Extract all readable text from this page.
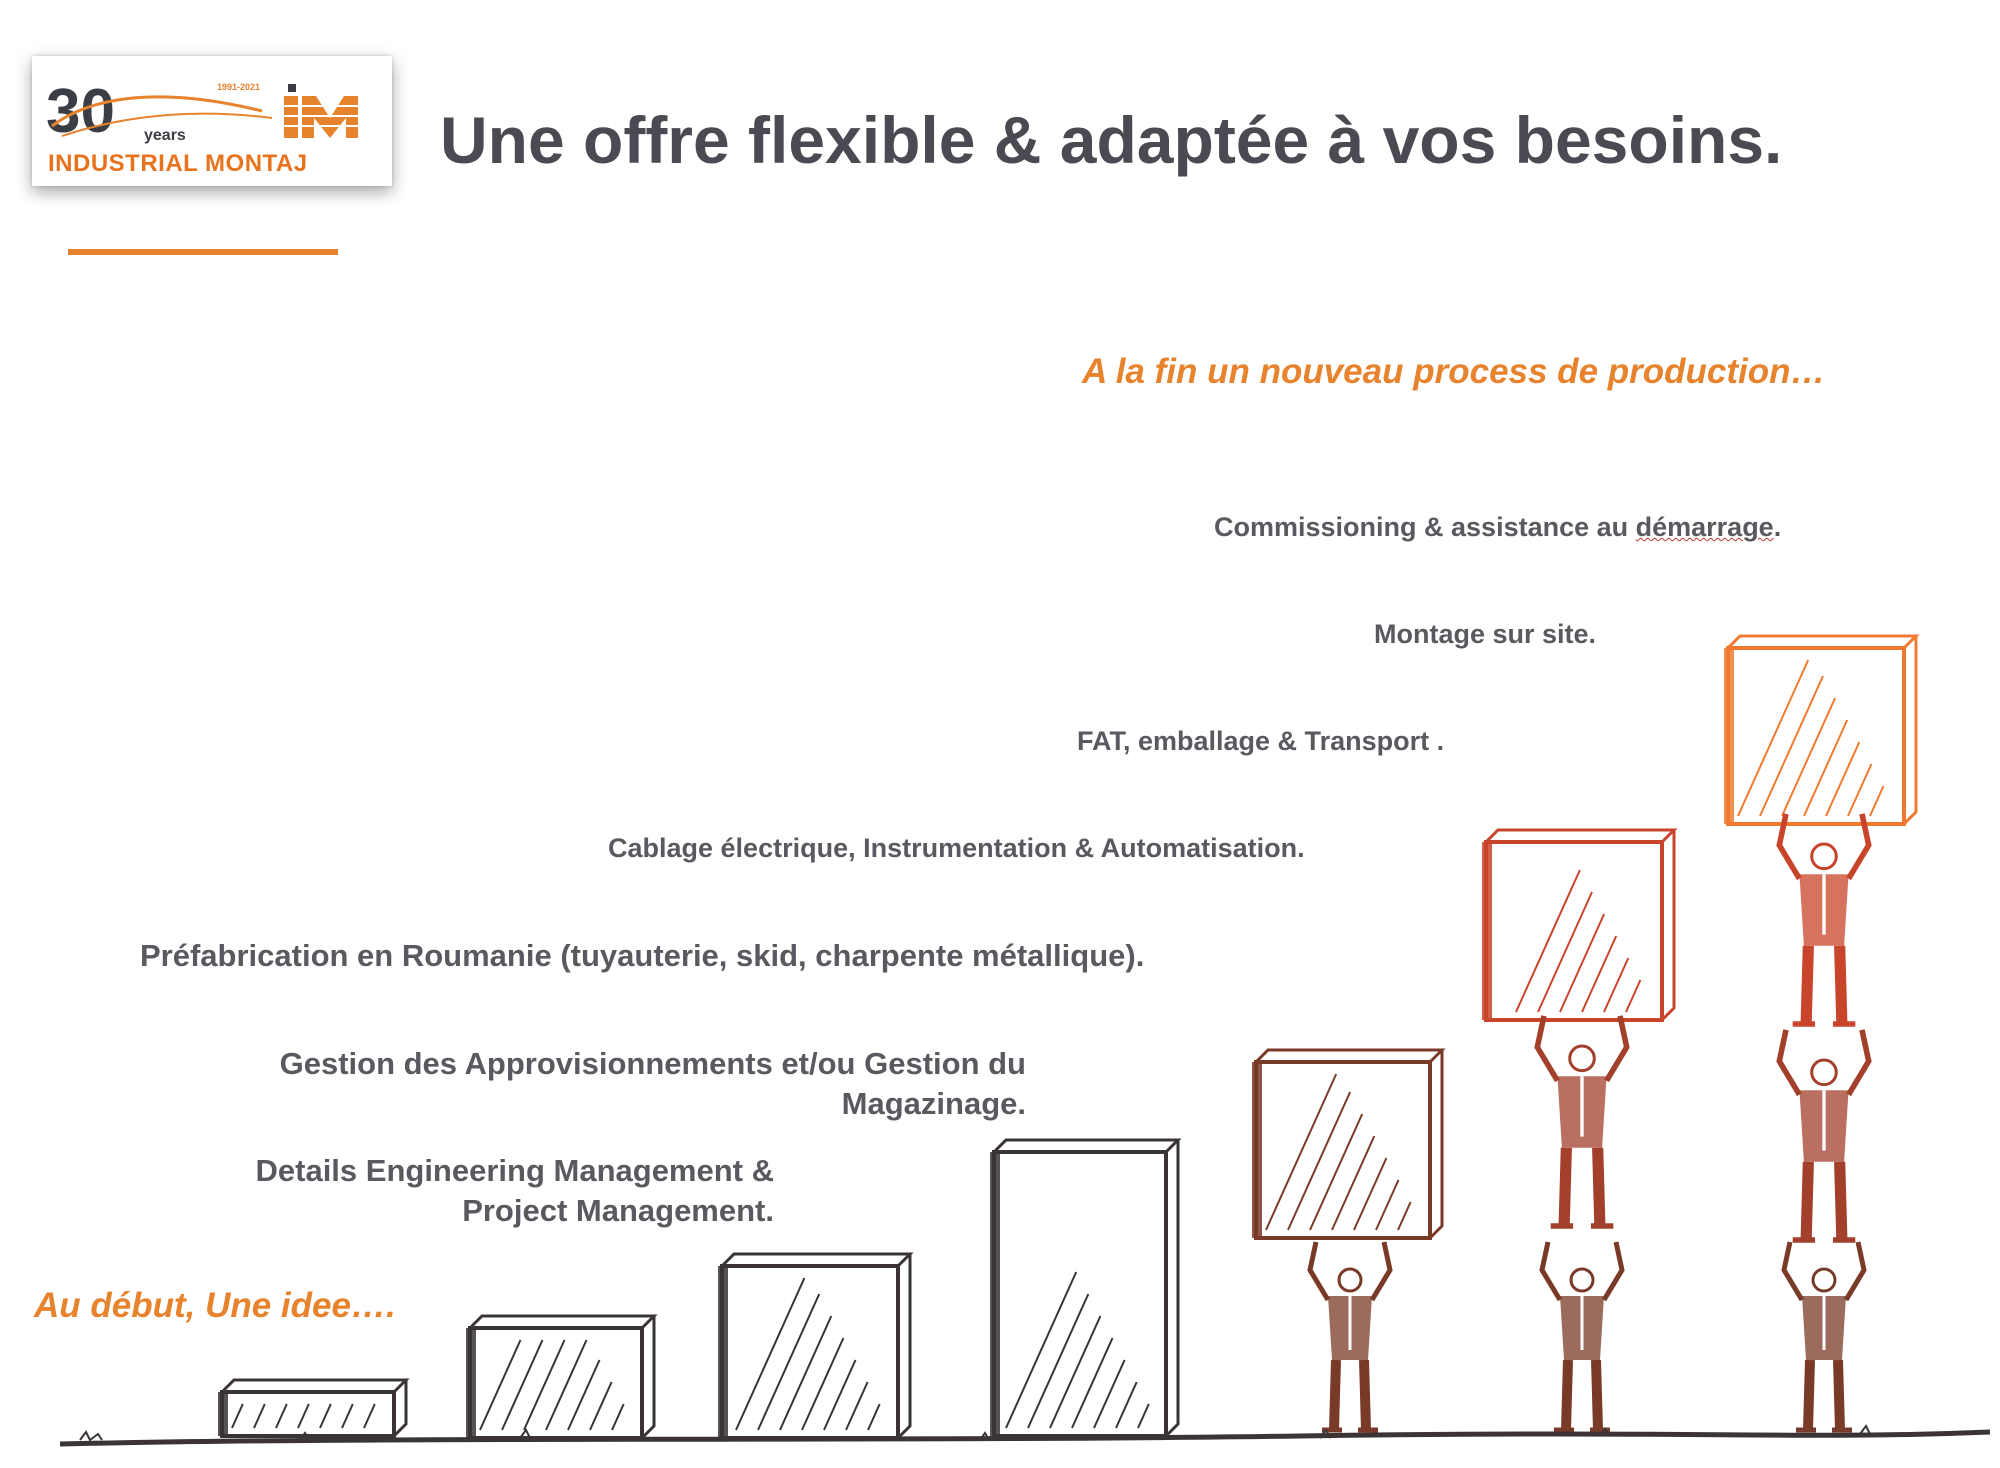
30 years
1991-2021
INDUSTRIAL MONTAJ Une offre flexible & adaptée à vos besoins.
A la fin un nouveau process de production…
Commissioning & assistance au démarrage.
Montage sur site.
FAT, emballage & Transport .
Cablage électrique, Instrumentation & Automatisation.
Préfabrication en Roumanie (tuyauterie, skid, charpente métallique).
Gestion des Approvisionnements et/ou Gestion du
Magazinage.
Details Engineering Management &
Project Management.
Au début, Une idee….
